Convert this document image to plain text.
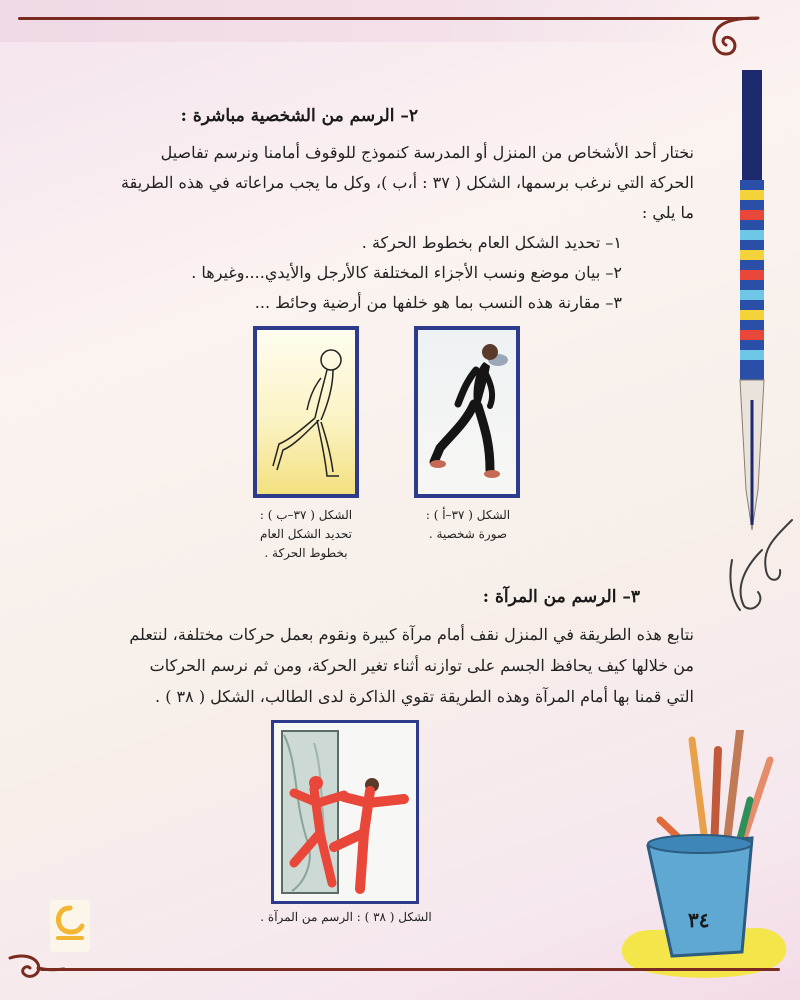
٢– الرسم من الشخصية مباشرة :
نختار أحد الأشخاص من المنزل أو المدرسة كنموذج للوقوف أمامنا ونرسم تفاصيل
الحركة التي نرغب برسمها، الشكل ( ٣٧ : أ،ب )، وكل ما يجب مراعاته في هذه الطريقة
ما يلي :
١– تحديد الشكل العام بخطوط الحركة .
٢– بيان موضع ونسب الأجزاء المختلفة كالأرجل والأيدي....وغيرها .
٣– مقارنة هذه النسب بما هو خلفها من أرضية وحائط ...
الشكل ( ٣٧–أ ) :
صورة شخصية .
الشكل ( ٣٧–ب ) :
تحديد الشكل العام
بخطوط الحركة .
٣– الرسم من المرآة :
نتابع هذه الطريقة في المنزل نقف أمام مرآة كبيرة ونقوم بعمل حركات مختلفة، لنتعلم
من خلالها كيف يحافظ الجسم على توازنه أثناء تغير الحركة، ومن ثم نرسم الحركات
التي قمنا بها أمام المرآة وهذه الطريقة تقوي الذاكرة لدى الطالب، الشكل ( ٣٨ ) .
الشكل ( ٣٨ ) : الرسم من المرآة .	٣٤
